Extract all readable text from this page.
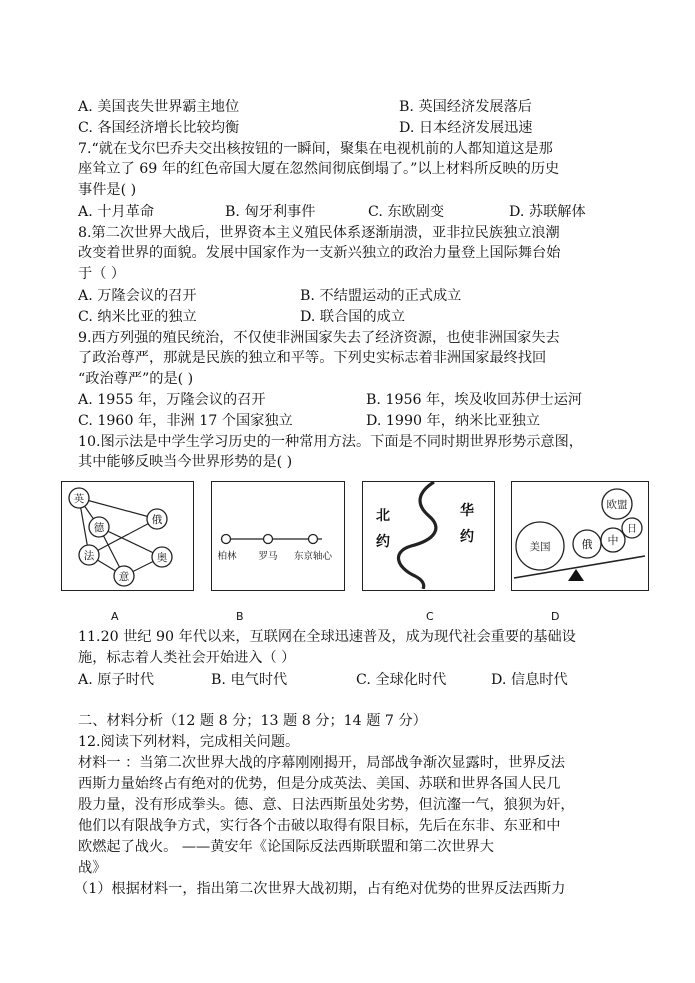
A. 美国丧失世界霸主地位	B. 英国经济发展落后
C. 各国经济增长比较均衡	D. 日本经济发展迅速
7.“就在戈尔巴乔夫交出核按钮的一瞬间，聚集在电视机前的人都知道这是那
座耸立了 69 年的红色帝国大厦在忽然间彻底倒塌了。”以上材料所反映的历史
事件是( )
A. 十月革命	B. 匈牙利事件	C. 东欧剧变	D. 苏联解体
8.第二次世界大战后，世界资本主义殖民体系逐渐崩溃，亚非拉民族独立浪潮
改变着世界的面貌。发展中国家作为一支新兴独立的政治力量登上国际舞台始
于（ ）
A. 万隆会议的召开	B. 不结盟运动的正式成立
C. 纳米比亚的独立	D. 联合国的成立
9.西方列强的殖民统治，不仅使非洲国家失去了经济资源，也使非洲国家失去
了政治尊严，那就是民族的独立和平等。下列史实标志着非洲国家最终找回
“政治尊严”的是( )
A. 1955 年，万隆会议的召开	B. 1956 年，埃及收回苏伊士运河
C. 1960 年，非洲 17 个国家独立	D. 1990 年，纳米比亚独立
10.图示法是中学生学习历史的一种常用方法。下面是不同时期世界形势示意图，
其中能够反映当今世界形势的是( )
英
俄
德
法	奥
意
柏林 罗马 东京轴心
北
约
华
约
美国	俄 中
日
欧盟
A	B	C	D
11.20 世纪 90 年代以来，互联网在全球迅速普及，成为现代社会重要的基础设
施，标志着人类社会开始进入（ ）
A. 原子时代	B. 电气时代	C. 全球化时代	D. 信息时代
二、材料分析（12 题 8 分；13 题 8 分；14 题 7 分）
12.阅读下列材料，完成相关问题。
材料一 ：当第二次世界大战的序幕刚刚揭开，局部战争渐次显露时，世界反法
西斯力量始终占有绝对的优势，但是分成英法、美国、苏联和世界各国人民几
股力量，没有形成拳头。德、意、日法西斯虽处劣势，但沆瀣一气，狼狈为奸，
他们以有限战争方式，实行各个击破以取得有限目标，先后在东非、东亚和中
欧燃起了战火。 ——黄安年《论国际反法西斯联盟和第二次世界大
战》
（1）根据材料一，指出第二次世界大战初期，占有绝对优势的世界反法西斯力
